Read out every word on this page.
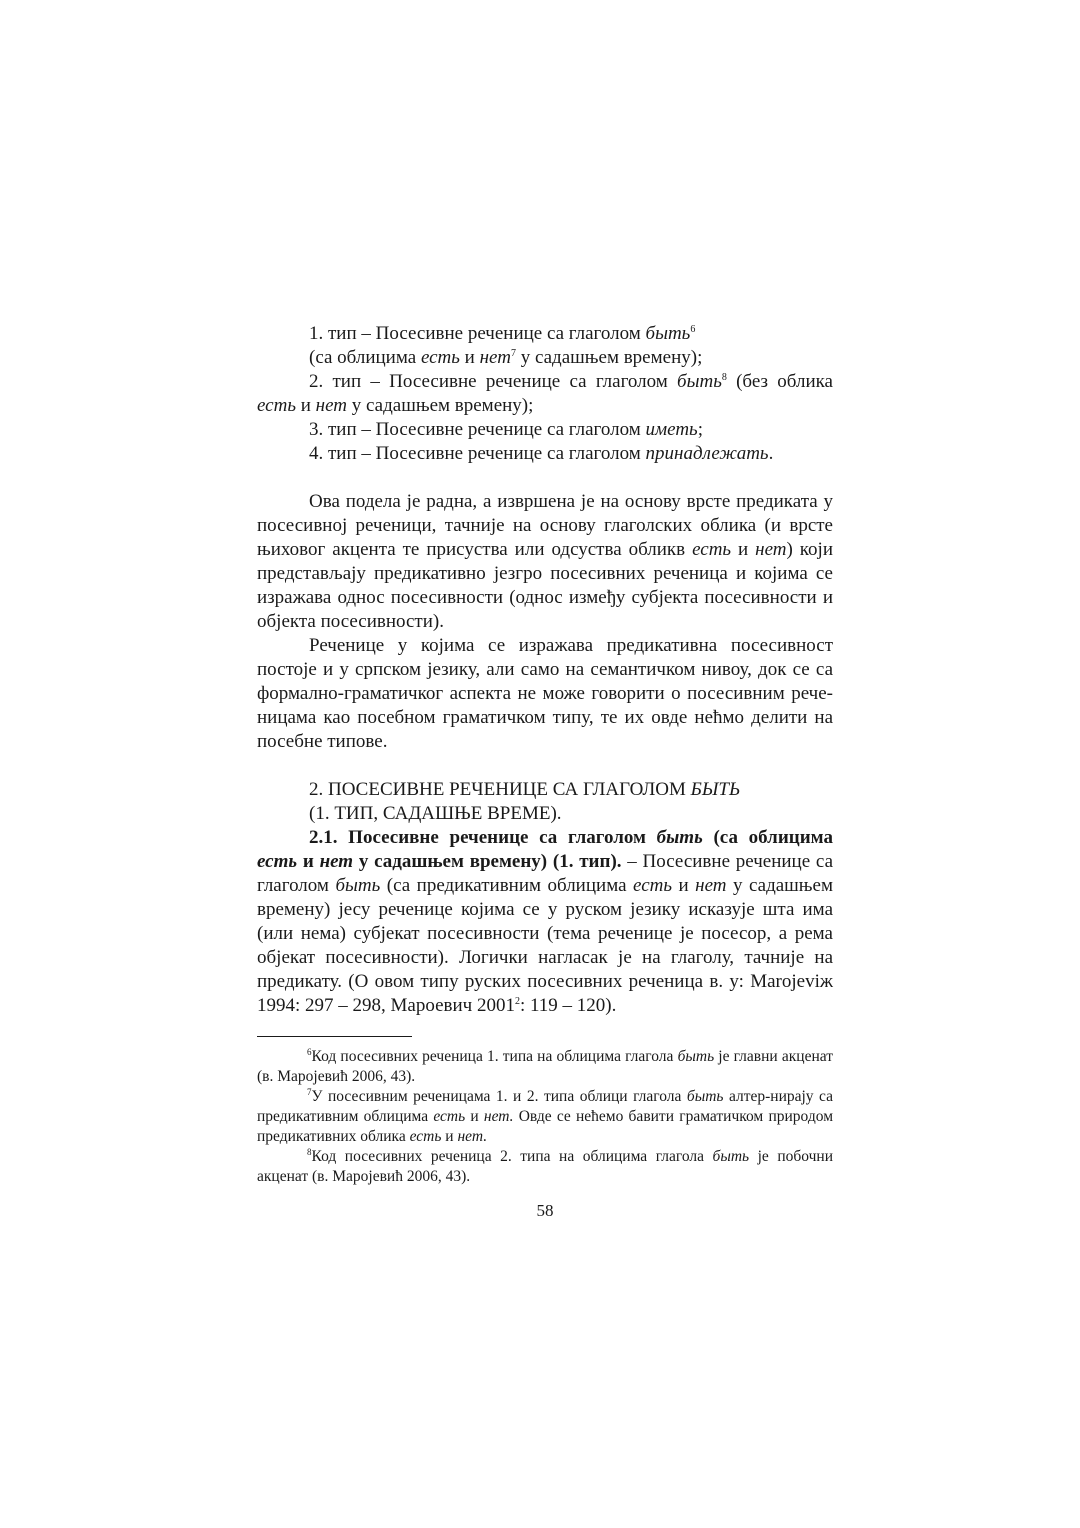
1. тип – Посесивне реченице са глаголом быть$^6$

(са облицима есть и нет$^7$ у садашњем времену);

2. тип – Посесивне реченице са глаголом быть$^8$ (без облика

есть и нет у садашњем времену);

3. тип – Посесивне реченице са глаголом иметь;

4. тип – Посесивне реченице са глаголом принадлежать.

Ова подела је радна, а извршена је на основу врсте предиката у посесивној реченици, тачније на основу глаголских облика (и врсте њиховог акцента те присуства или одсуства обликв есть и нет) који представљају предикативно језгро посесивних реченица и којима се изражава однос посесивности (однос између субјекта посесивности и објекта посесивности).

Реченице у којима се изражава предикативна посесивност постоје и у српском језику, али само на семантичком нивоу, док се са формално-граматичког аспекта не може говорити о посесивним рече-ницама као посебном граматичком типу, те их овде нећмо делити на посебне типове.

2. ПОСЕСИВНЕ РЕЧЕНИЦЕ СА ГЛАГОЛОМ БЫТЬ

(1. ТИП, САДАШЊЕ ВРЕМЕ).

2.1. Посесивне реченице са глаголом быть (са облицима есть и нет у садашњем времену) (1. тип). – Посесивне реченице са глаголом быть (са предикативним облицима есть и нет у садашњем времену) јесу реченице којима се у руском језику исказује шта има (или нема) субјекат посесивности (тема реченице је посесор, а рема објекат посесивности). Логички нагласак је на глаголу, тачније на предикату. (О овом типу руских посесивних реченица в. у: Marojeviж 1994: 297 – 298, Мароевич 2001$^2$: 119 – 120).

$^6$Код посесивних реченица 1. типа на облицима глагола быть је главни акценат (в. Маројевић 2006, 43).

$^7$У посесивним реченицама 1. и 2. типа облици глагола быть алтер-нирају са предикативним облицима есть и нет. Овде се нећемо бавити граматичком природом предикативних облика есть и нет.

$^8$Код посесивних реченица 2. типа на облицима глагола быть је побочни акценат (в. Маројевић 2006, 43).

58
